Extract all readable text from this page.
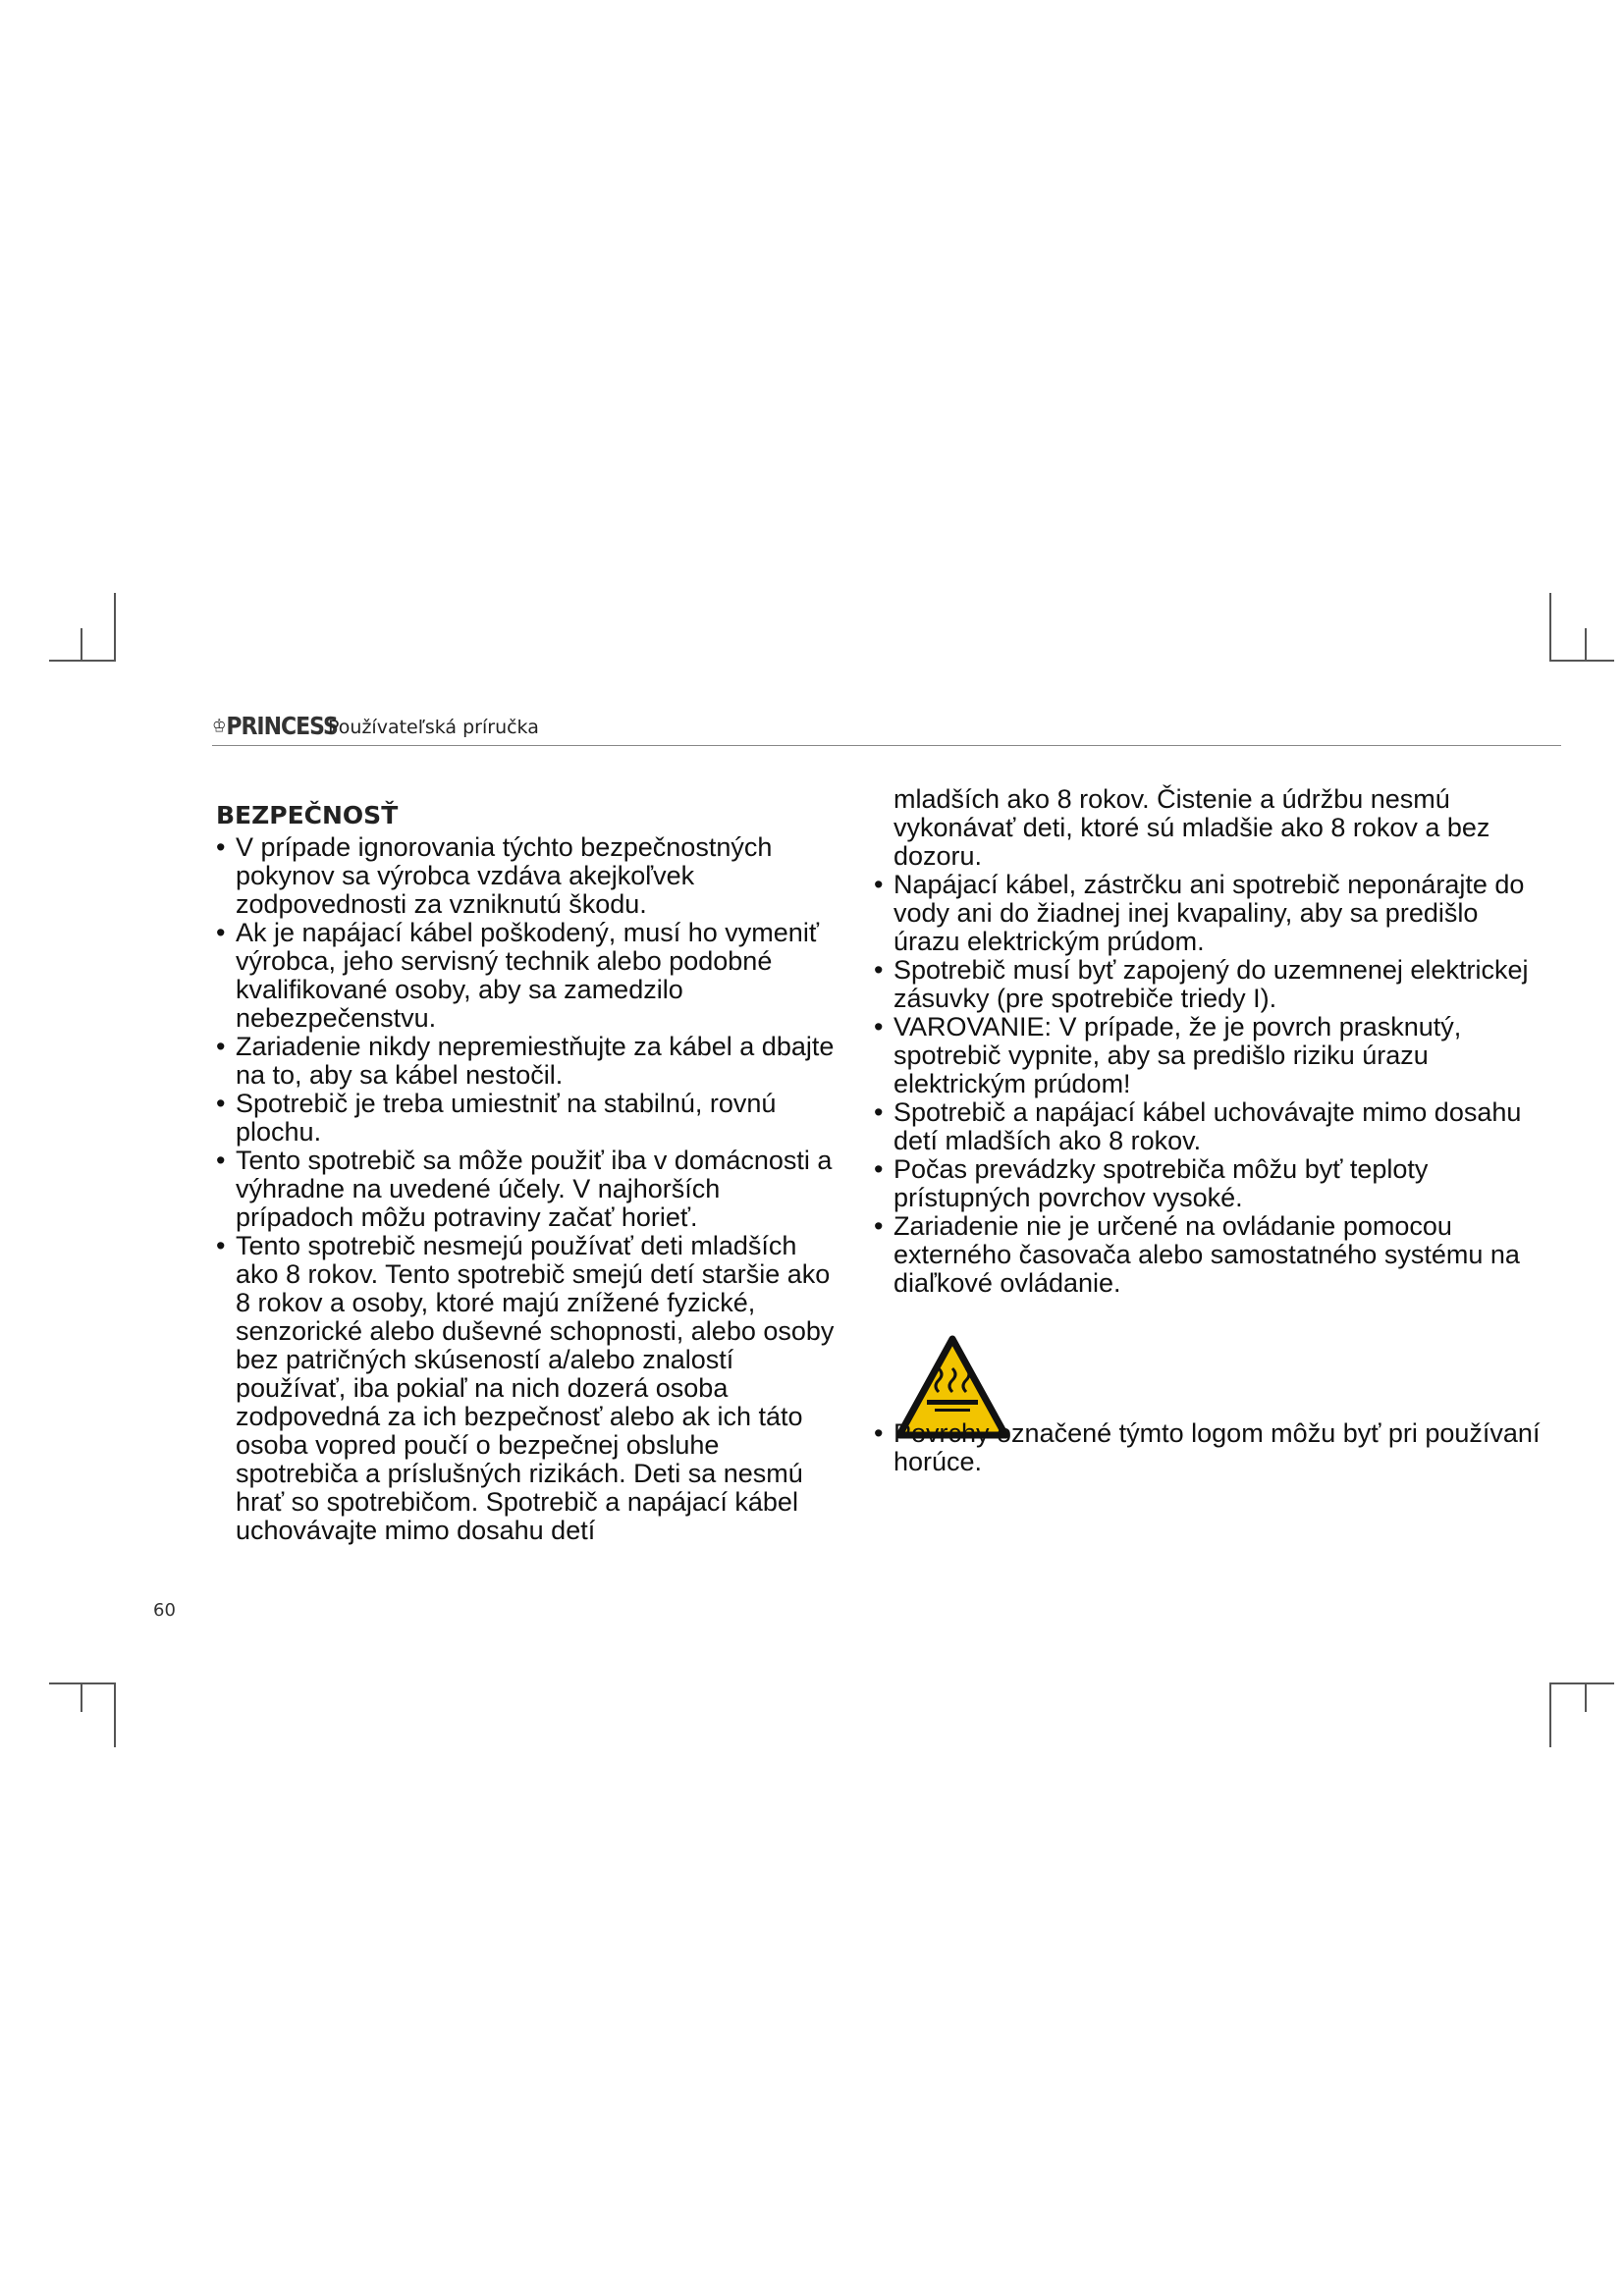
♔PRINCESS
Používateľská príručka
BEZPEČNOSŤ
• V prípade ignorovania týchto bezpečnostných pokynov sa výrobca vzdáva akejkoľvek zodpovednosti za vzniknutú škodu.
• Ak je napájací kábel poškodený, musí ho vymeniť výrobca, jeho servisný technik alebo podobné kvalifikované osoby, aby sa zamedzilo nebezpečenstvu.
• Zariadenie nikdy nepremiestňujte za kábel a dbajte na to, aby sa kábel nestočil.
• Spotrebič je treba umiestniť na stabilnú, rovnú plochu.
• Tento spotrebič sa môže použiť iba v domácnosti a výhradne na uvedené účely. V najhorších prípadoch môžu potraviny začať horieť.
• Tento spotrebič nesmejú používať deti mladších ako 8 rokov. Tento spotrebič smejú detí staršie ako 8 rokov a osoby, ktoré majú znížené fyzické, senzorické alebo duševné schopnosti, alebo osoby bez patričných skúseností a/alebo znalostí používať, iba pokiaľ na nich dozerá osoba zodpovedná za ich bezpečnosť alebo ak ich táto osoba vopred poučí o bezpečnej obsluhe spotrebiča a príslušných rizikách. Deti sa nesmú hrať so spotrebičom. Spotrebič a napájací kábel uchovávajte mimo dosahu detí
mladších ako 8 rokov. Čistenie a údržbu nesmú vykonávať deti, ktoré sú mladšie ako 8 rokov a bez dozoru.
• Napájací kábel, zástrčku ani spotrebič neponárajte do vody ani do žiadnej inej kvapaliny, aby sa predišlo úrazu elektrickým prúdom.
• Spotrebič musí byť zapojený do uzemnenej elektrickej zásuvky (pre spotrebiče triedy I).
• VAROVANIE: V prípade, že je povrch prasknutý, spotrebič vypnite, aby sa predišlo riziku úrazu elektrickým prúdom!
• Spotrebič a napájací kábel uchovávajte mimo dosahu detí mladších ako 8 rokov.
• Počas prevádzky spotrebiča môžu byť teploty prístupných povrchov vysoké.
• Zariadenie nie je určené na ovládanie pomocou externého časovača alebo samostatného systému na diaľkové ovládanie.
• Povrchy označené týmto logom môžu byť pri používaní horúce.
60
